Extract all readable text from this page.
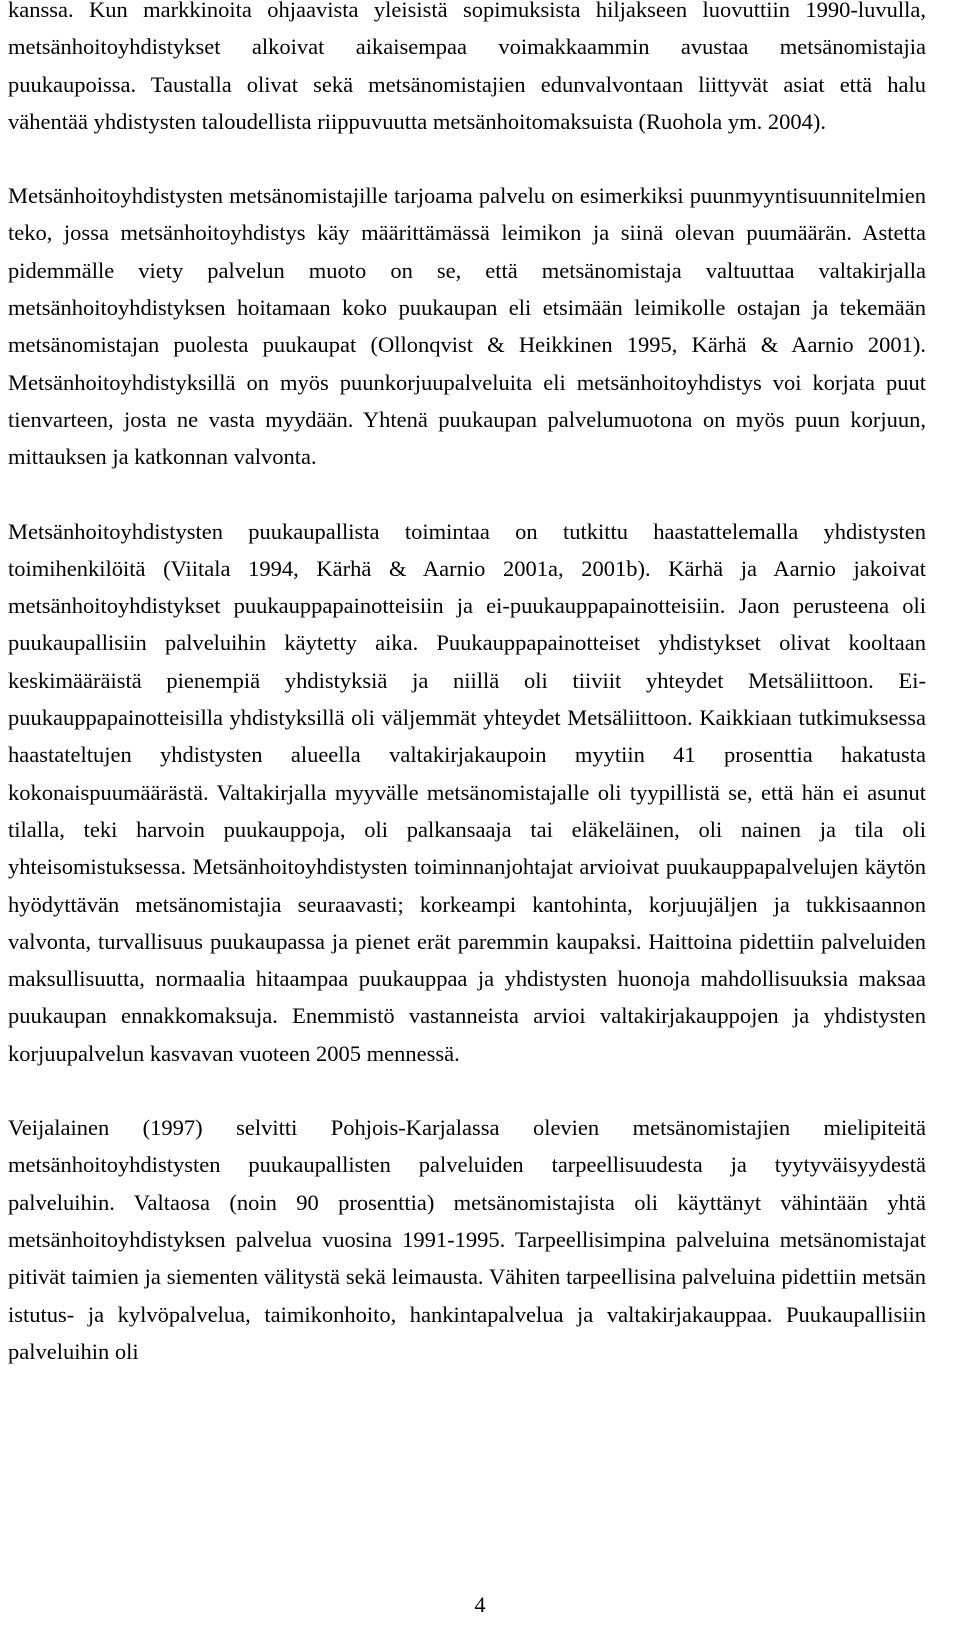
kanssa. Kun markkinoita ohjaavista yleisistä sopimuksista hiljakseen luovuttiin 1990-luvulla, metsänhoitoyhdistykset alkoivat aikaisempaa voimakkaammin avustaa metsänomistajia puukaupoissa. Taustalla olivat sekä metsänomistajien edunvalvontaan liittyvät asiat että halu vähentää yhdistysten taloudellista riippuvuutta metsänhoitomaksuista (Ruohola ym. 2004).

Metsänhoitoyhdistysten metsänomistajille tarjoama palvelu on esimerkiksi puunmyyntisuunnitelmien teko, jossa metsänhoitoyhdistys käy määrittämässä leimikon ja siinä olevan puumäärän. Astetta pidemmälle viety palvelun muoto on se, että metsänomistaja valtuuttaa valtakirjalla metsänhoitoyhdistyksen hoitamaan koko puukaupan eli etsimään leimikolle ostajan ja tekemään metsänomistajan puolesta puukaupat (Ollonqvist & Heikkinen 1995, Kärhä & Aarnio 2001). Metsänhoitoyhdistyksillä on myös puunkorjuupalveluita eli metsänhoitoyhdistys voi korjata puut tienvarteen, josta ne vasta myydään. Yhtenä puukaupan palvelumuotona on myös puun korjuun, mittauksen ja katkonnan valvonta.

Metsänhoitoyhdistysten puukaupallista toimintaa on tutkittu haastattelemalla yhdistysten toimihenkilöitä (Viitala 1994, Kärhä & Aarnio 2001a, 2001b). Kärhä ja Aarnio jakoivat metsänhoitoyhdistykset puukauppapainotteisiin ja ei-puukauppapainotteisiin. Jaon perusteena oli puukaupallisiin palveluihin käytetty aika. Puukauppapainotteiset yhdistykset olivat kooltaan keskimääräistä pienempiä yhdistyksiä ja niillä oli tiiviit yhteydet Metsäliittoon. Ei-puukauppapainotteisilla yhdistyksillä oli väljemmät yhteydet Metsäliittoon. Kaikkiaan tutkimuksessa haastateltujen yhdistysten alueella valtakirjakaupoin myytiin 41 prosenttia hakatusta kokonaispuumäärästä. Valtakirjalla myyvälle metsänomistajalle oli tyypillistä se, että hän ei asunut tilalla, teki harvoin puukauppoja, oli palkansaaja tai eläkeläinen, oli nainen ja tila oli yhteisomistuksessa. Metsänhoitoyhdistysten toiminnanjohtajat arvioivat puukauppapalvelujen käytön hyödyttävän metsänomistajia seuraavasti; korkeampi kantohinta, korjuujäljen ja tukkisaannon valvonta, turvallisuus puukaupassa ja pienet erät paremmin kaupaksi. Haittoina pidettiin palveluiden maksullisuutta, normaalia hitaampaa puukauppaa ja yhdistysten huonoja mahdollisuuksia maksaa puukaupan ennakkomaksuja. Enemmistö vastanneista arvioi valtakirjakauppojen ja yhdistysten korjuupalvelun kasvavan vuoteen 2005 mennessä.

Veijalainen (1997) selvitti Pohjois-Karjalassa olevien metsänomistajien mielipiteitä metsänhoitoyhdistysten puukaupallisten palveluiden tarpeellisuudesta ja tyytyväisyydestä palveluihin. Valtaosa (noin 90 prosenttia) metsänomistajista oli käyttänyt vähintään yhtä metsänhoitoyhdistyksen palvelua vuosina 1991-1995. Tarpeellisimpina palveluina metsänomistajat pitivät taimien ja siementen välitystä sekä leimausta. Vähiten tarpeellisina palveluina pidettiin metsän istutus- ja kylvöpalvelua, taimikonhoito, hankintapalvelua ja valtakirjakauppaa. Puukaupallisiin palveluihin oli

4
